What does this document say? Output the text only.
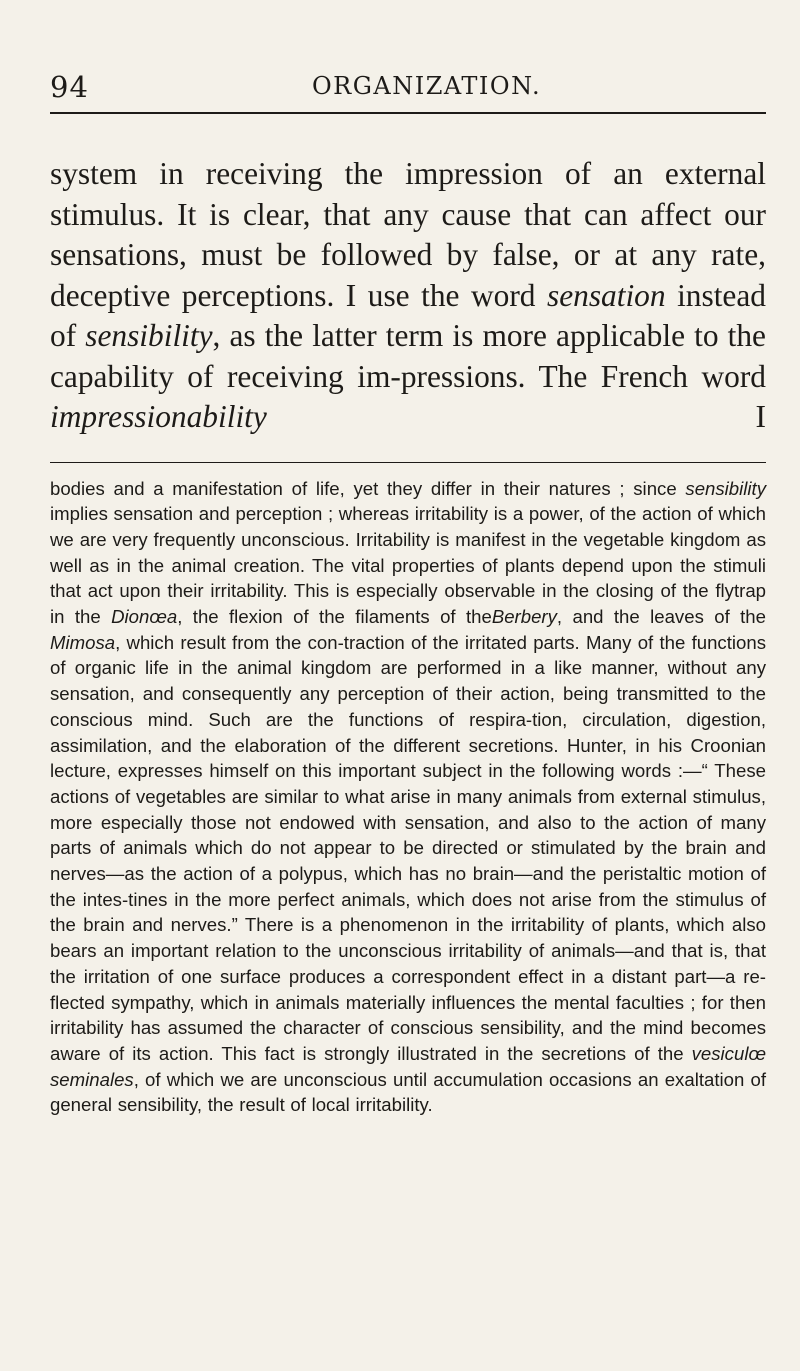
94	ORGANIZATION.

system in receiving the impression of an external stimulus. It is clear, that any cause that can affect our sensations, must be followed by false, or at any rate, deceptive perceptions. I use the word sensation instead of sensibility, as the latter term is more applicable to the capability of receiving im-pressions. The French word impressionability I

bodies and a manifestation of life, yet they differ in their natures ; since sensibility implies sensation and perception ; whereas irritability is a power, of the action of which we are very frequently unconscious. Irritability is manifest in the vegetable kingdom as well as in the animal creation. The vital properties of plants depend upon the stimuli that act upon their irritability. This is especially observable in the closing of the flytrap in the Dionœa, the flexion of the filaments of theBerbery, and the leaves of the Mimosa, which result from the con-traction of the irritated parts. Many of the functions of organic life in the animal kingdom are performed in a like manner, without any sensation, and consequently any perception of their action, being transmitted to the conscious mind. Such are the functions of respira-tion, circulation, digestion, assimilation, and the elaboration of the different secretions. Hunter, in his Croonian lecture, expresses himself on this important subject in the following words :—“ These actions of vegetables are similar to what arise in many animals from external stimulus, more especially those not endowed with sensation, and also to the action of many parts of animals which do not appear to be directed or stimulated by the brain and nerves—as the action of a polypus, which has no brain—and the peristaltic motion of the intes-tines in the more perfect animals, which does not arise from the stimulus of the brain and nerves.” There is a phenomenon in the irritability of plants, which also bears an important relation to the unconscious irritability of animals—and that is, that the irritation of one surface produces a correspondent effect in a distant part—a re-flected sympathy, which in animals materially influences the mental faculties ; for then irritability has assumed the character of conscious sensibility, and the mind becomes aware of its action. This fact is strongly illustrated in the secretions of the vesiculœ seminales, of which we are unconscious until accumulation occasions an exaltation of general sensibility, the result of local irritability.
